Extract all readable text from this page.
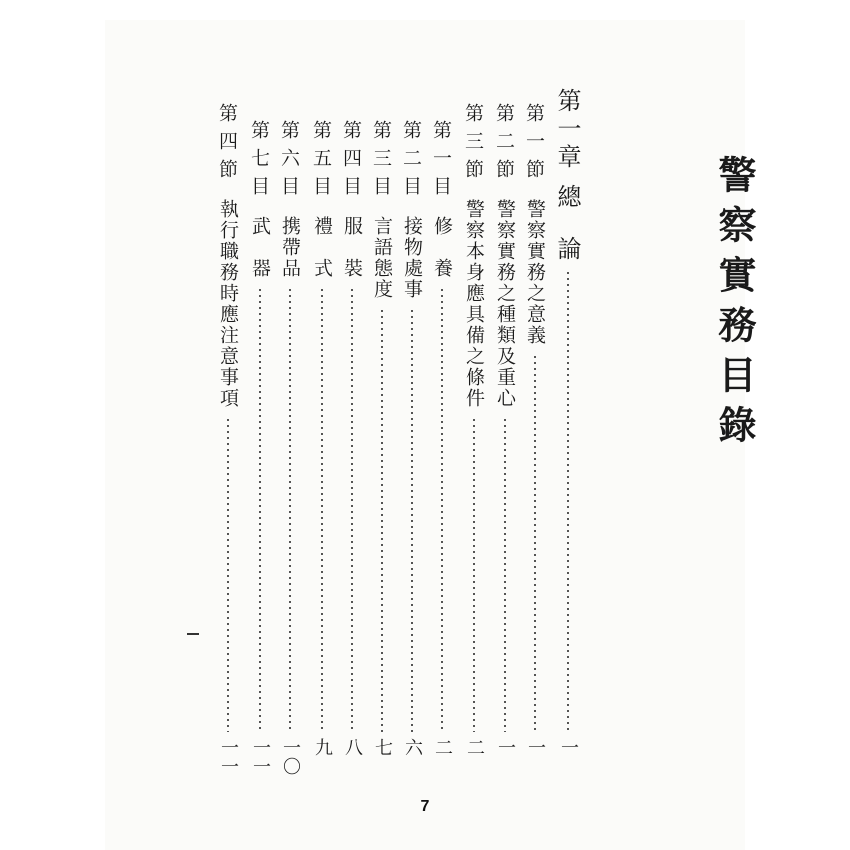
警察實務目錄
第一章
總　論
一
第一節
警察實務之意義
一
第二節
警察實務之種類及重心
一
第三節
警察本身應具備之條件
二
第一目
修　養
二
第二目
接物處事
六
第三目
言語態度
七
第四目
服　裝
八
第五目
禮　式
九
第六目
携帶品
一〇
第七目
武　器
一一
第四節
執行職務時應注意事項
一一
7
